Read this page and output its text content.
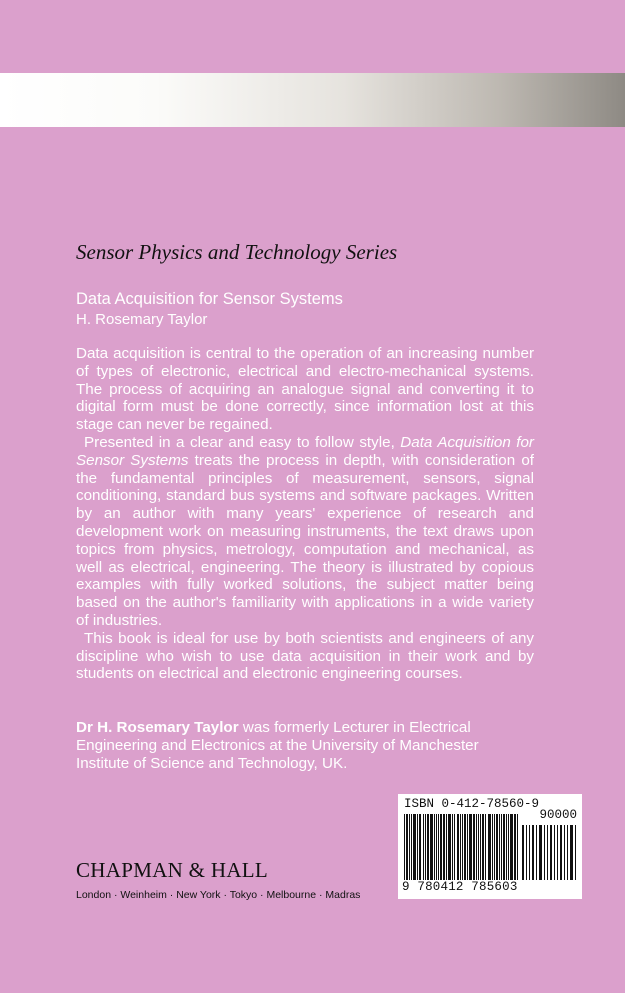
Sensor Physics and Technology Series
Data Acquisition for Sensor Systems
H. Rosemary Taylor

Data acquisition is central to the operation of an increasing number of types of electronic, electrical and electro-mechanical systems. The process of acquiring an analogue signal and converting it to digital form must be done correctly, since information lost at this stage can never be regained.

Presented in a clear and easy to follow style, Data Acquisition for Sensor Systems treats the process in depth, with consideration of the fundamental principles of measurement, sensors, signal conditioning, standard bus systems and software packages. Written by an author with many years' experience of research and development work on measuring instruments, the text draws upon topics from physics, metrology, computation and mechanical, as well as electrical, engineering. The theory is illustrated by copious examples with fully worked solutions, the subject matter being based on the author's familiarity with applications in a wide variety of industries.

This book is ideal for use by both scientists and engineers of any discipline who wish to use data acquisition in their work and by students on electrical and electronic engineering courses.

Dr H. Rosemary Taylor was formerly Lecturer in Electrical Engineering and Electronics at the University of Manchester Institute of Science and Technology, UK.
CHAPMAN & HALL
London · Weinheim · New York · Tokyo · Melbourne · Madras
ISBN 0-412-78560-9
90000
9 780412 785603
